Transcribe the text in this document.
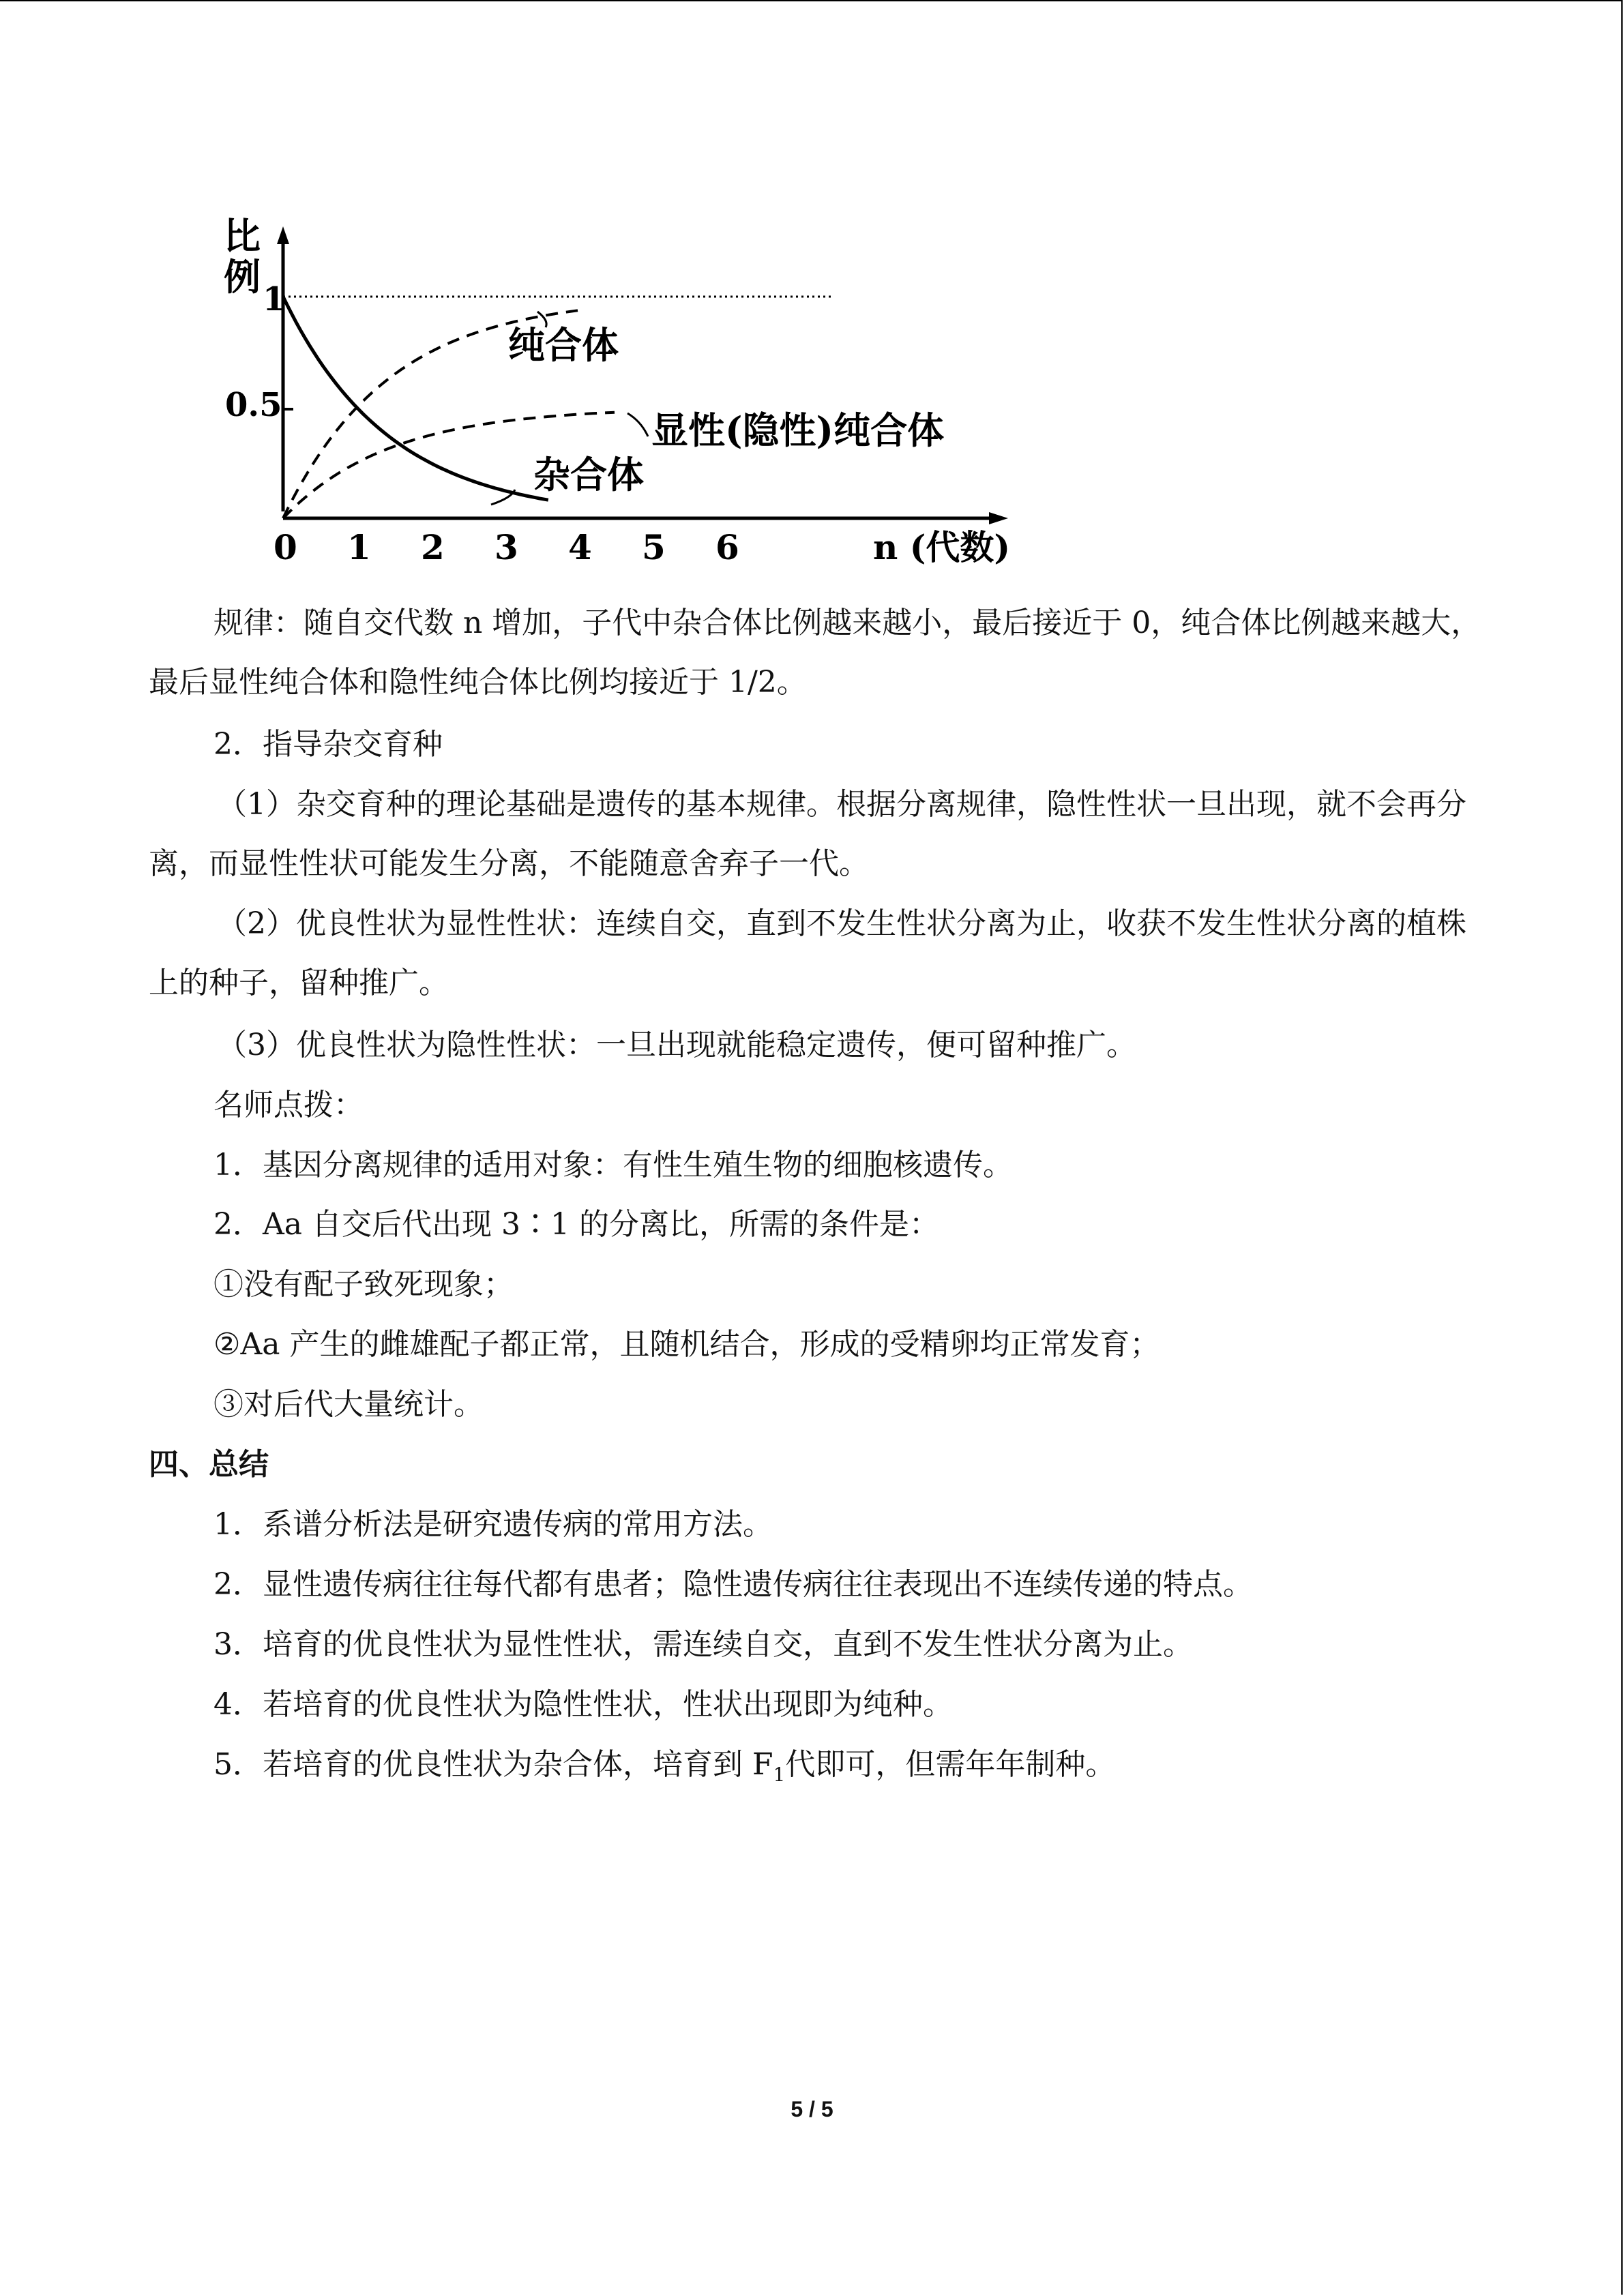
比
例
1
0.5
0 1 2 3 4 5 6	n (代数)
纯合体
显性(隐性)纯合体
杂合体
规律：随自交代数 n 增加，子代中杂合体比例越来越小，最后接近于 0，纯合体比例越来越大，最后显性纯合体和隐性纯合体比例均接近于 1/2。
2．指导杂交育种
（1）杂交育种的理论基础是遗传的基本规律。根据分离规律，隐性性状一旦出现，就不会再分离，而显性性状可能发生分离，不能随意舍弃子一代。
（2）优良性状为显性性状：连续自交，直到不发生性状分离为止，收获不发生性状分离的植株上的种子，留种推广。
（3）优良性状为隐性性状：一旦出现就能稳定遗传，便可留种推广。
名师点拨：
1．基因分离规律的适用对象：有性生殖生物的细胞核遗传。
2．Aa 自交后代出现 3∶1 的分离比，所需的条件是：
①没有配子致死现象；
②Aa 产生的雌雄配子都正常，且随机结合，形成的受精卵均正常发育；
③对后代大量统计。
四、总结
1．系谱分析法是研究遗传病的常用方法。
2．显性遗传病往往每代都有患者；隐性遗传病往往表现出不连续传递的特点。
3．培育的优良性状为显性性状，需连续自交，直到不发生性状分离为止。
4．若培育的优良性状为隐性性状，性状出现即为纯种。
5．若培育的优良性状为杂合体，培育到 $F_1$代即可，但需年年制种。
5 / 5
